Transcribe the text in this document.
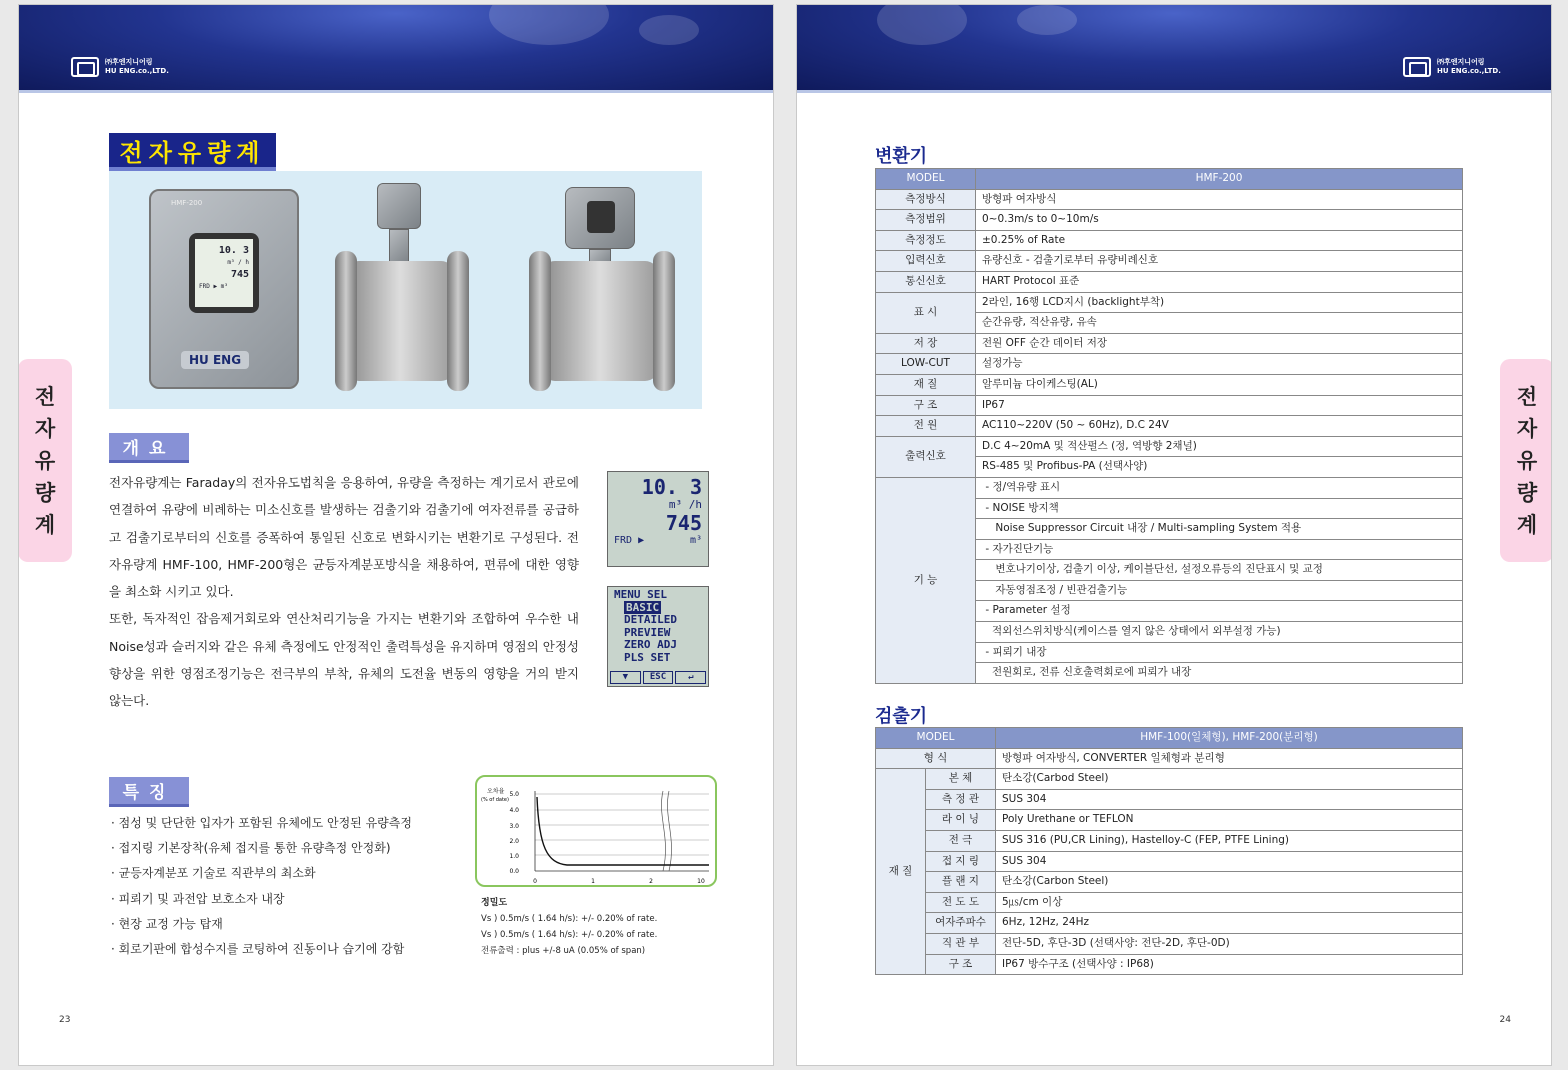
㈜후엔지니어링
HU ENG.co.,LTD.
전
자
유
량
계
전자유량계
HMF-200
10. 3
m³ / h
745
FRD ▶ m³
HU ENG
개요

전자유량계는 Faraday의 전자유도법칙을 응용하여, 유량을 측정하는 계기로서 관로에 연결하여 유량에 비례하는 미소신호를 발생하는 검출기와 검출기에 여자전류를 공급하고 검출기로부터의 신호를 증폭하여 통일된 신호로 변화시키는 변환기로 구성된다. 전자유량계 HMF-100, HMF-200형은 균등자계분포방식을 채용하여, 편류에 대한 영향을 최소화 시키고 있다.

또한, 독자적인 잡음제거회로와 연산처리기능을 가지는 변환기와 조합하여 우수한 내 Noise성과 슬러지와 같은 유체 측정에도 안정적인 출력특성을 유지하며 영점의 안정성 향상을 위한 영점조정기능은 전극부의 부착, 유체의 도전율 변동의 영향을 거의 받지 않는다.

10. 3
m³ /h
745
FRD ▶	m³
MENU SEL
BASIC
DETAILED
PREVIEW
ZERO ADJ
PLS SET
▼	ESC	↵
특징
· 점성 및 단단한 입자가 포함된 유체에도 안정된 유량측정
· 접지링 기본장착(유체 접지를 통한 유량측정 안정화)
· 균등자계분포 기술로 직관부의 최소화
· 피뢰기 및 과전압 보호소자 내장
· 현장 교정 가능 탑재
· 회로기판에 합성수지를 코팅하여 진동이나 습기에 강함
오차율
(% of date)
5.0
4.0
3.0
2.0
1.0
0.0
0	1	2	10
정밀도
Vs ) 0.5m/s ( 1.64 h/s): +/- 0.20% of rate.
Vs ) 0.5m/s ( 1.64 h/s): +/- 0.20% of rate.
전류출력 : plus +/-8 uA (0.05% of span)
23
㈜후엔지니어링
HU ENG.co.,LTD.
전
자
유
량
계
변환기
MODEL	HMF-200
측정방식	방형파 여자방식
측정범위	0~0.3m/s to 0~10m/s
측정정도	±0.25% of Rate
입력신호	유량신호 - 검출기로부터 유량비례신호
통신신호	HART Protocol 표준
표 시	2라인, 16행 LCD지시 (backlight부착)
	순간유량, 적산유량, 유속
저 장	전원 OFF 순간 데이터 저장
LOW-CUT	설정가능
재 질	알루미늄 다이케스팅(AL)
구 조	IP67
전 원	AC110~220V (50 ~ 60Hz), D.C 24V
출력신호	D.C 4~20mA 및 적산펄스 (정, 역방향 2채널)
	RS-485 및 Profibus-PA (선택사양)
기 능	- 정/역유량 표시
	- NOISE 방지책
	Noise Suppressor Circuit 내장 / Multi-sampling System 적용
	- 자가진단기능
	변호나기이상, 검출기 이상, 케이블단선, 설정오류등의 진단표시 및 교정
	자동영점조정 / 빈관검출기능
	- Parameter 설정
	적외선스위치방식(케이스를 열지 않은 상태에서 외부설정 가능)
	- 피뢰기 내장
	전원회로, 전류 신호출력회로에 피뢰가 내장
검출기
MODEL		HMF-100(일체형), HMF-200(분리형)
형 식		방형파 여자방식, CONVERTER 일체형과 분리형
재 질	본 체	탄소강(Carbod Steel)
	측 정 관	SUS 304
	라 이 닝	Poly Urethane or TEFLON
	전 극	SUS 316 (PU,CR Lining), Hastelloy-C (FEP, PTFE Lining)
	접 지 링	SUS 304
	플 랜 지	탄소강(Carbon Steel)
	전 도 도	5㎲/cm 이상
	여자주파수	6Hz, 12Hz, 24Hz
	직 관 부	전단-5D, 후단-3D (선택사양: 전단-2D, 후단-0D)
	구 조	IP67 방수구조 (선택사양 : IP68)
24
